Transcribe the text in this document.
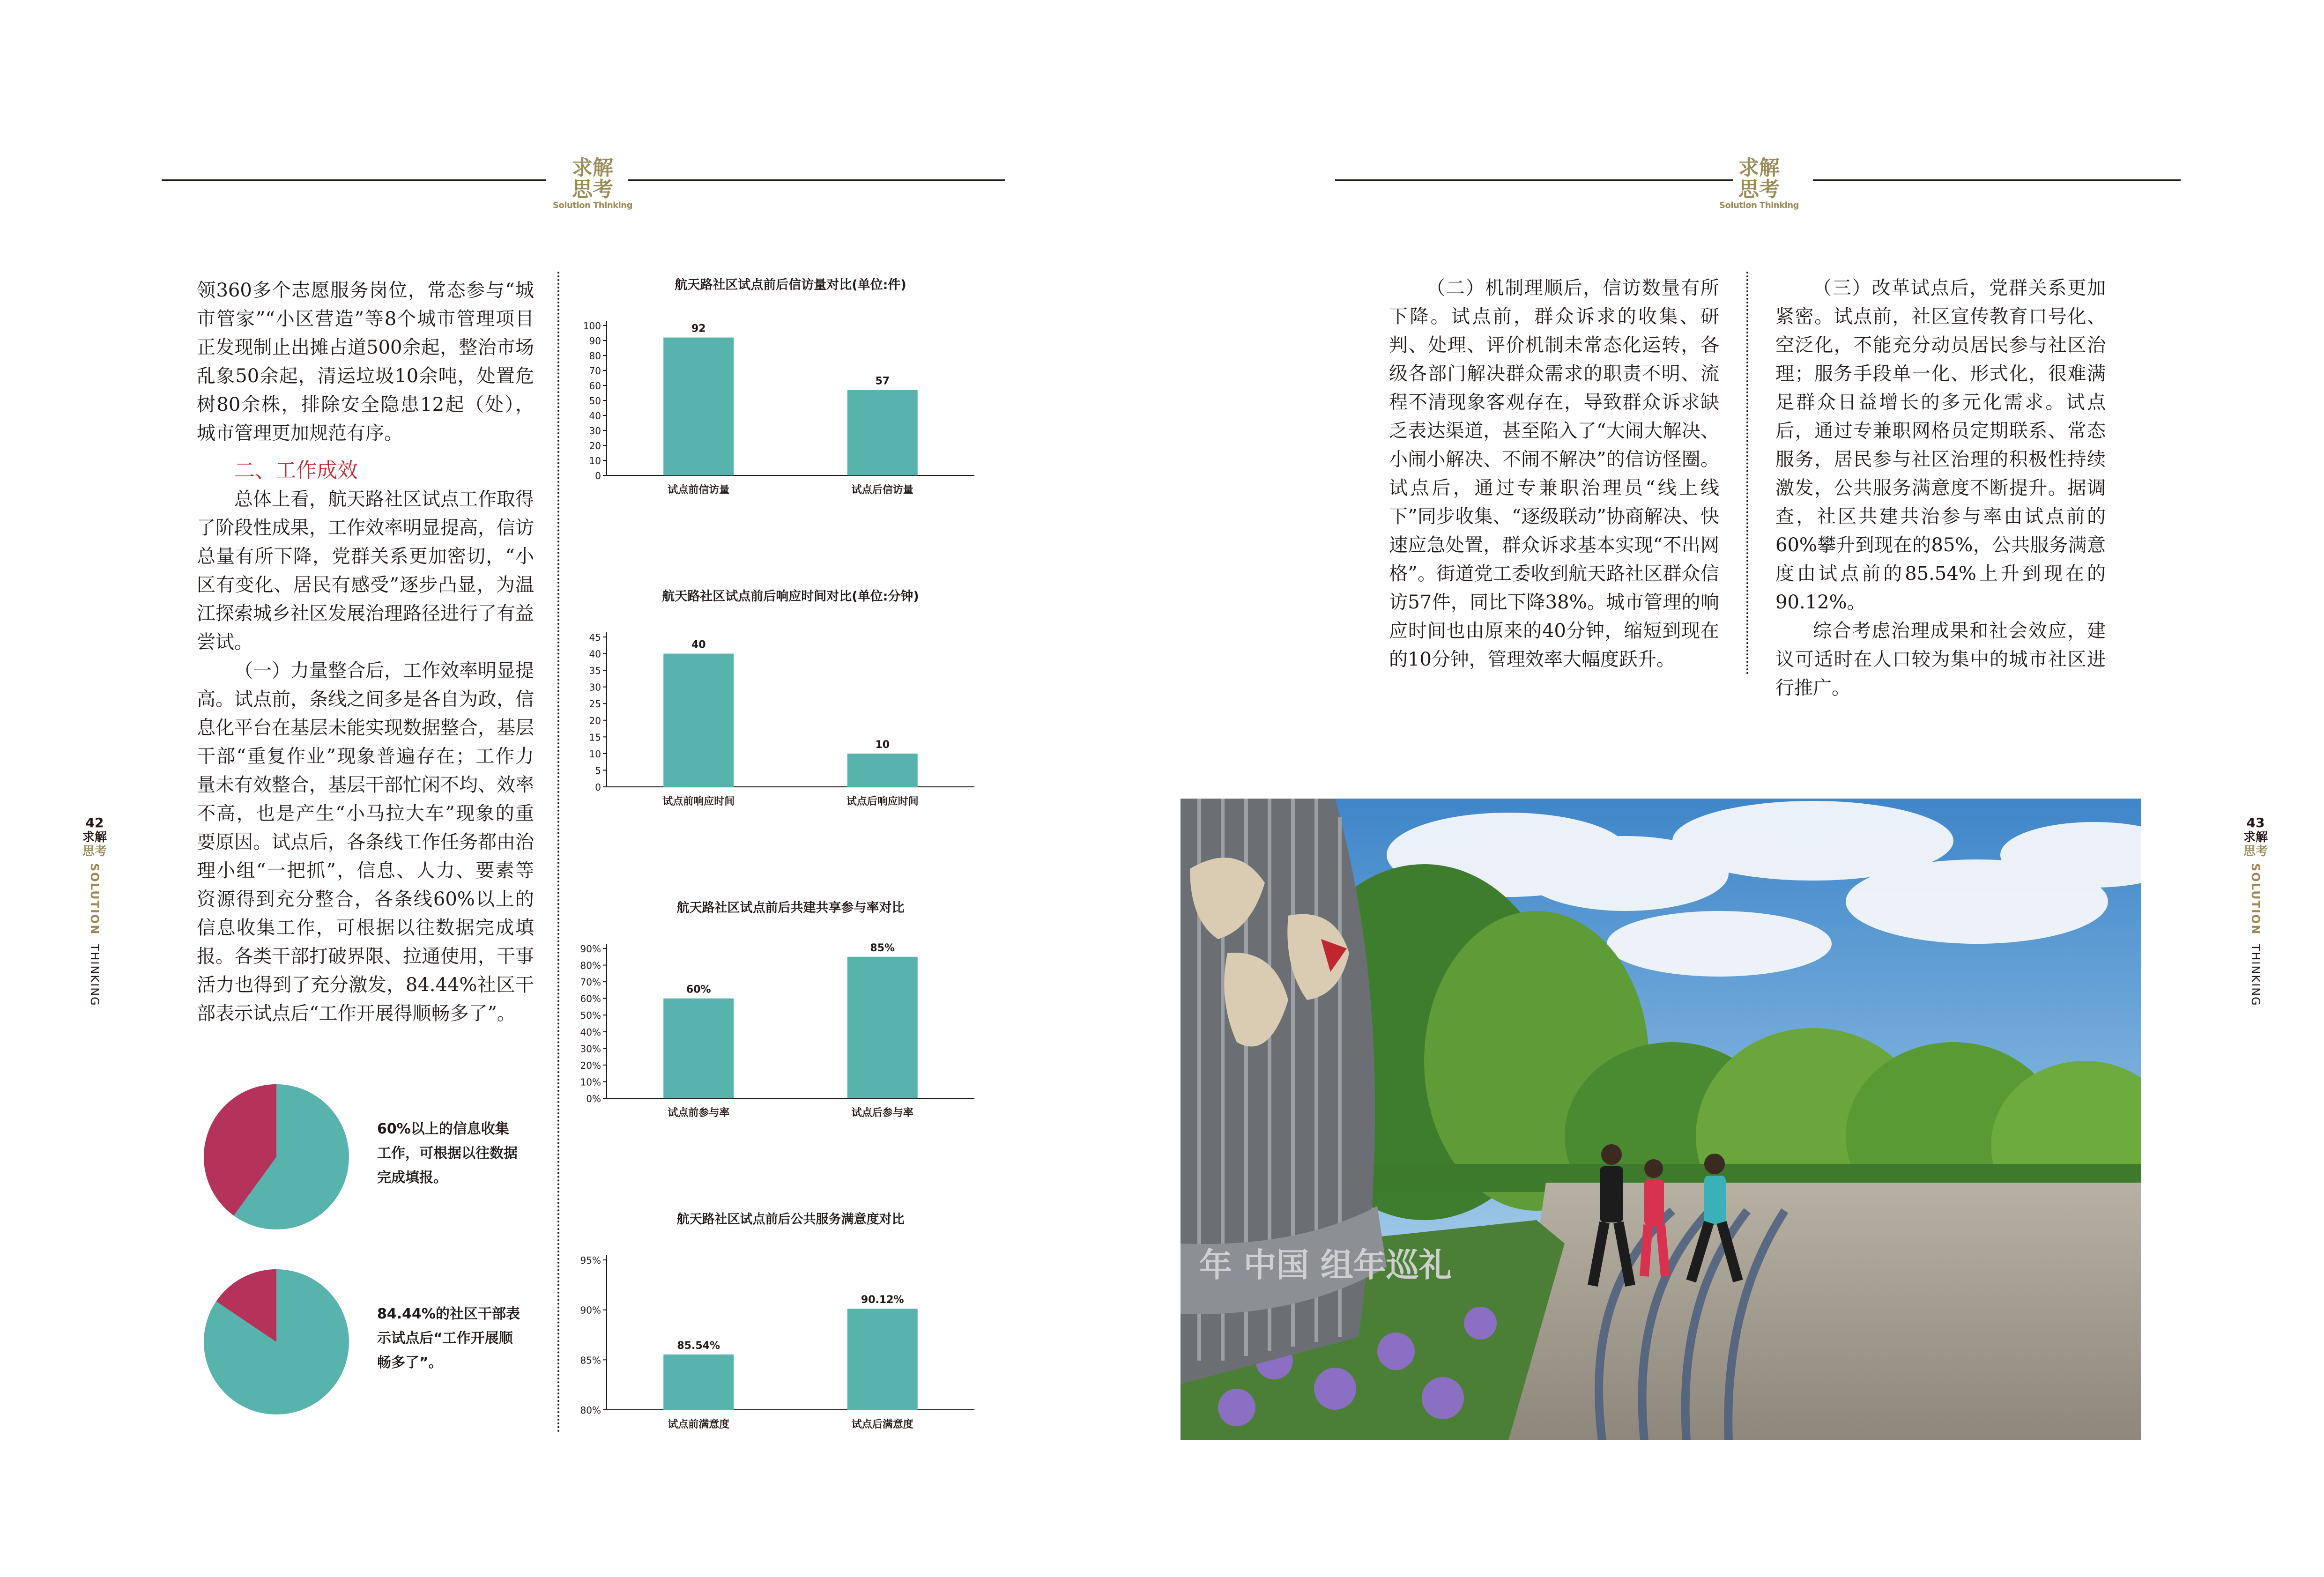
求解
思考
Solution Thinking
求解
思考
Solution Thinking
42
求解
思考
SOLUTION  THINKING
43
求解
思考
SOLUTION  THINKING

领360多个志愿服务岗位，常态参与“城市管家”“小区营造”等8个城市管理项目正发现制止出摊占道500余起，整治市场乱象50余起，清运垃圾10余吨，处置危树80余株，排除安全隐患12起（处），城市管理更加规范有序。

二、工作成效

总体上看，航天路社区试点工作取得了阶段性成果，工作效率明显提高，信访总量有所下降，党群关系更加密切，“小区有变化、居民有感受”逐步凸显，为温江探索城乡社区发展治理路径进行了有益尝试。

（一）力量整合后，工作效率明显提高。试点前，条线之间多是各自为政，信息化平台在基层未能实现数据整合，基层干部“重复作业”现象普遍存在；工作力量未有效整合，基层干部忙闲不均、效率不高，也是产生“小马拉大车”现象的重要原因。试点后，各条线工作任务都由治理小组“一把抓”，信息、人力、要素等资源得到充分整合，各条线60%以上的信息收集工作，可根据以往数据完成填报。各类干部打破界限、拉通使用，干事活力也得到了充分激发，84.44%社区干部表示试点后“工作开展得顺畅多了”。

60%以上的信息收集工作，可根据以往数据完成填报。
84.44%的社区干部表示试点后“工作开展顺畅多了”。
航天路社区试点前后信访量对比(单位:件)
0
10
20
30
40
50
60
70
80
90
100	92
试点前信访量
57
试点后信访量
航天路社区试点前后响应时间对比(单位:分钟)
0
5
10
15
20
25
30
35
40
45
40
试点前响应时间
10
试点后响应时间
航天路社区试点前后共建共享参与率对比
0%
10%
20%
30%
40%
50%
60%
70%
80%
90%
60%
试点前参与率
85%
试点后参与率
航天路社区试点前后公共服务满意度对比
80%
85%
90%
95%
85.54%
试点前满意度
90.12%
试点后满意度

（二）机制理顺后，信访数量有所下降。试点前，群众诉求的收集、研判、处理、评价机制未常态化运转，各级各部门解决群众需求的职责不明、流程不清现象客观存在，导致群众诉求缺乏表达渠道，甚至陷入了“大闹大解决、小闹小解决、不闹不解决”的信访怪圈。试点后，通过专兼职治理员“线上线下”同步收集、“逐级联动”协商解决、快速应急处置，群众诉求基本实现“不出网格”。街道党工委收到航天路社区群众信访57件，同比下降38%。城市管理的响应时间也由原来的40分钟，缩短到现在的10分钟，管理效率大幅度跃升。

（三）改革试点后，党群关系更加紧密。试点前，社区宣传教育口号化、空泛化，不能充分动员居民参与社区治理；服务手段单一化、形式化，很难满足群众日益增长的多元化需求。试点后，通过专兼职网格员定期联系、常态服务，居民参与社区治理的积极性持续激发，公共服务满意度不断提升。据调查，社区共建共治参与率由试点前的60%攀升到现在的85%，公共服务满意度由试点前的85.54%上升到现在的90.12%。

综合考虑治理成果和社会效应，建议可适时在人口较为集中的城市社区进行推广。

年 中国 组年巡礼
